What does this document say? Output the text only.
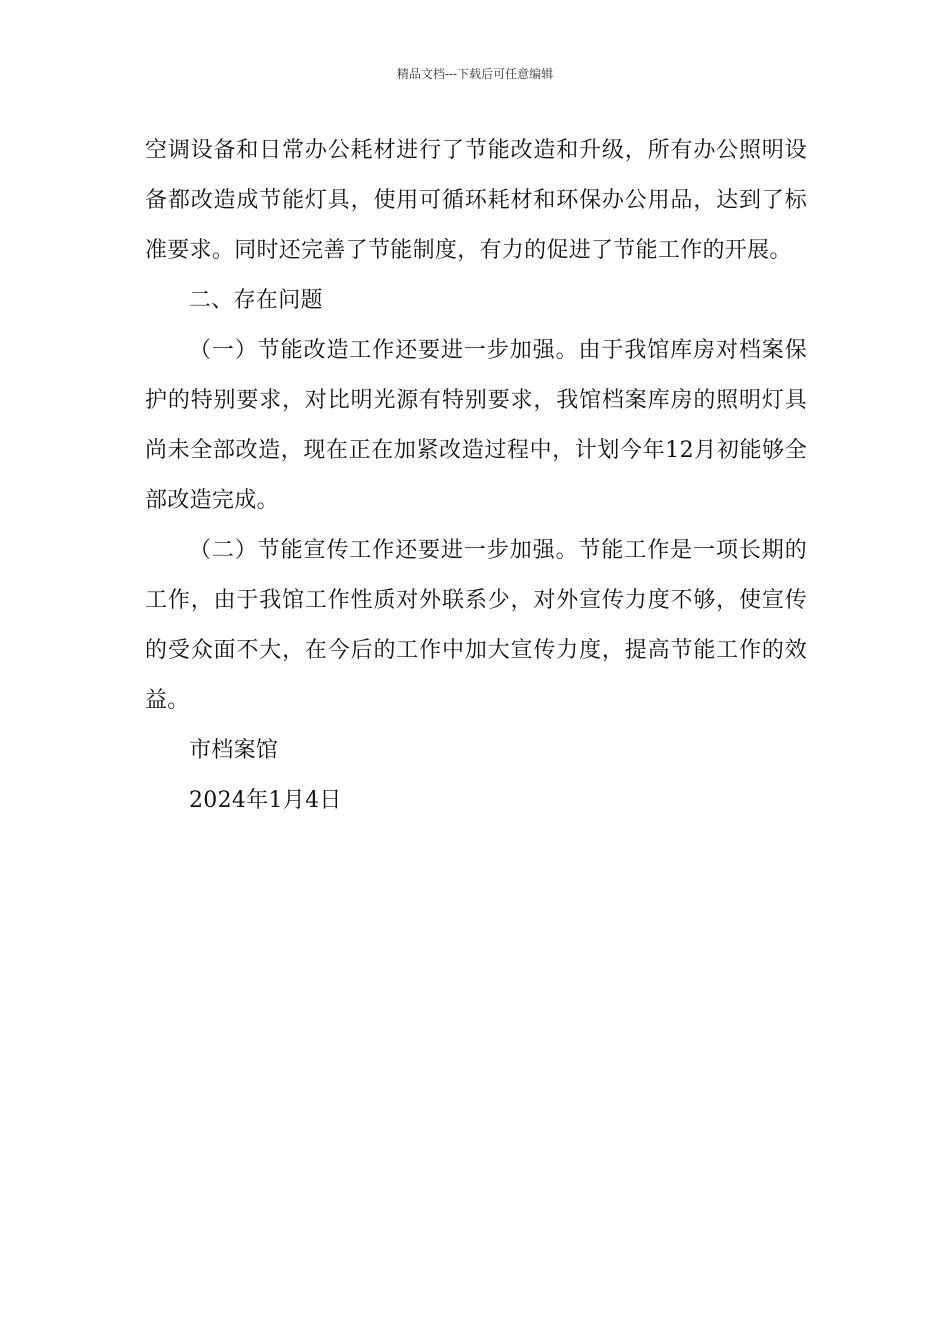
精品文档---下载后可任意编辑

空调设备和日常办公耗材进行了节能改造和升级，所有办公照明设备都改造成节能灯具，使用可循环耗材和环保办公用品，达到了标准要求。同时还完善了节能制度，有力的促进了节能工作的开展。

二、存在问题

（一）节能改造工作还要进一步加强。由于我馆库房对档案保护的特别要求，对比明光源有特别要求，我馆档案库房的照明灯具尚未全部改造，现在正在加紧改造过程中，计划今年12月初能够全部改造完成。

（二）节能宣传工作还要进一步加强。节能工作是一项长期的工作，由于我馆工作性质对外联系少，对外宣传力度不够，使宣传的受众面不大，在今后的工作中加大宣传力度，提高节能工作的效益。

市档案馆

2024年1月4日
